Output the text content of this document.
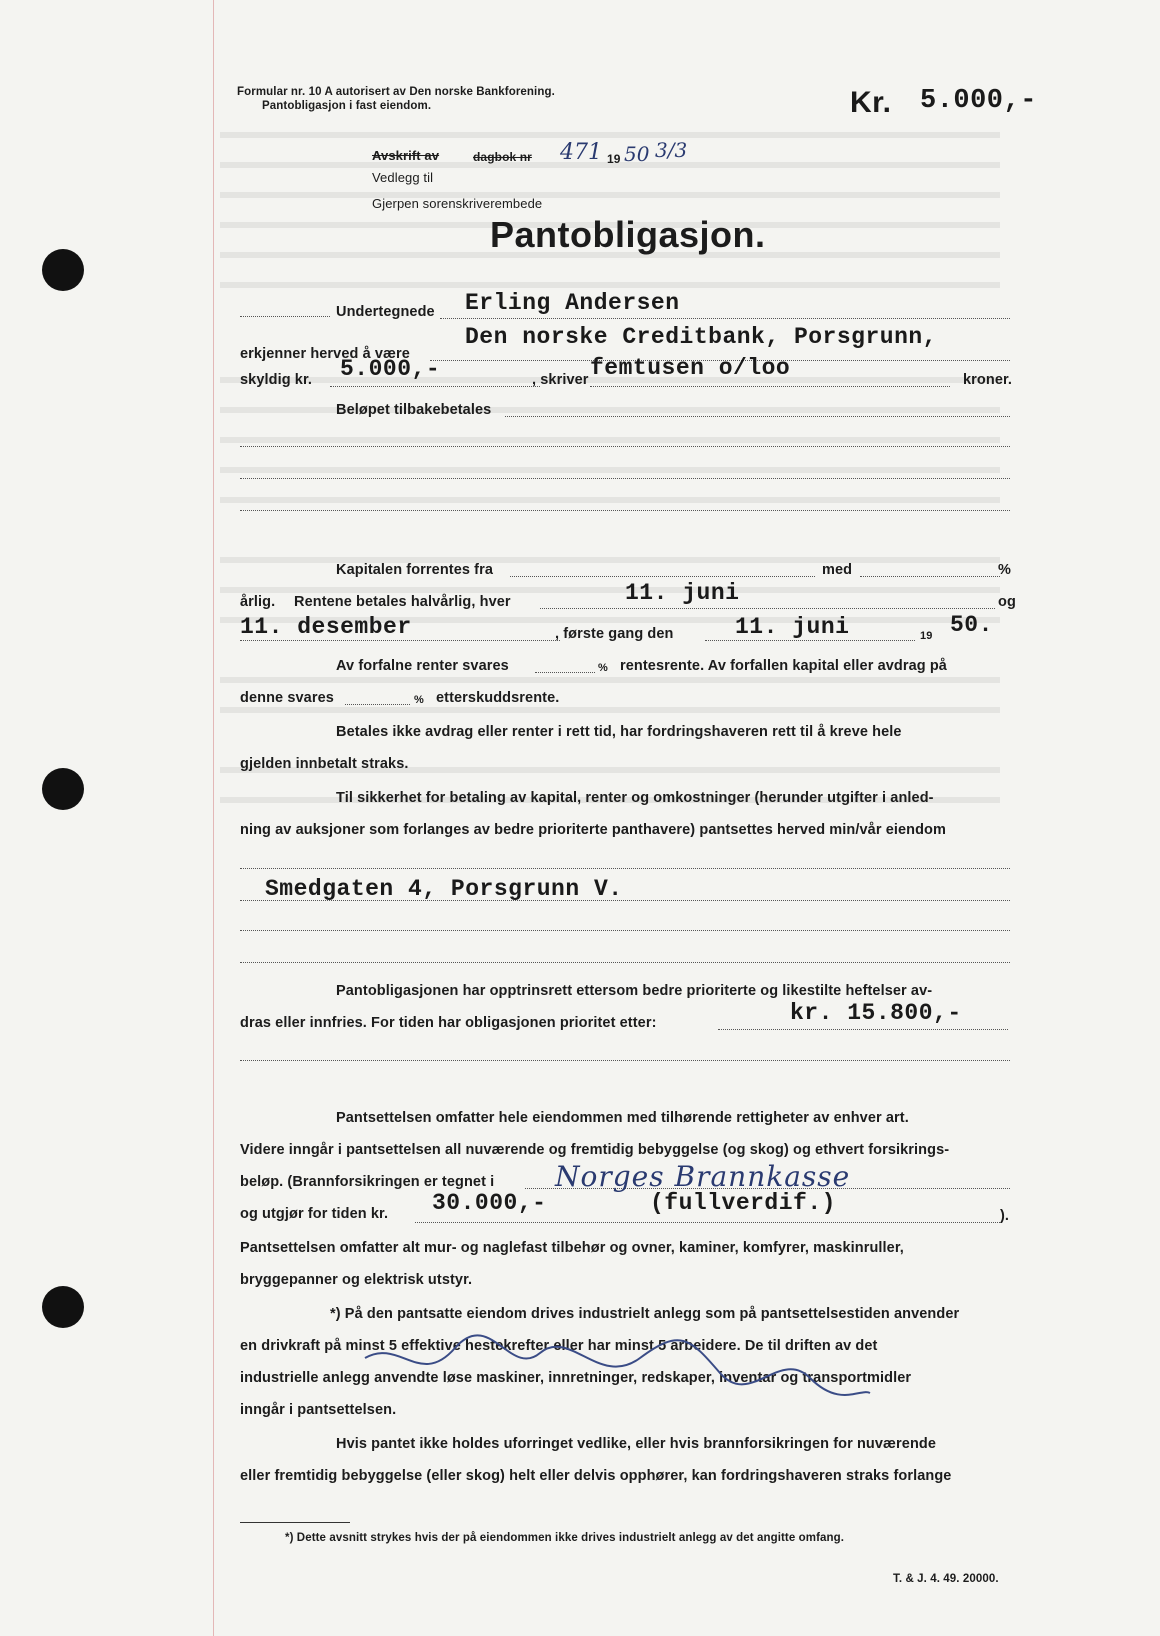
Formular nr. 10 A autorisert av Den norske Bankforening.
Pantobligasjon i fast eiendom.	Kr. 5.000,-
Avskrift av	dagbok nr 471 19 50 3/3
Vedlegg til
Gjerpen sorenskriverembede
Pantobligasjon.
Undertegnede Erling Andersen
erkjenner herved å være
Den norske Creditbank, Porsgrunn,
skyldig kr. 5.000,-	, skriver femtusen o/loo	kroner.
Beløpet tilbakebetales
Kapitalen forrentes fra	med	%
årlig. Rentene betales halvårlig, hver	11. juni	og
11. desember	, første gang den	11. juni	19 50.
Av forfalne renter svares	% rentesrente. Av forfallen kapital eller avdrag på
denne svares	% etterskuddsrente.
Betales ikke avdrag eller renter i rett tid, har fordringshaveren rett til å kreve hele
gjelden innbetalt straks.
Til sikkerhet for betaling av kapital, renter og omkostninger (herunder utgifter i anled-
ning av auksjoner som forlanges av bedre prioriterte panthavere) pantsettes herved min/vår eiendom
Smedgaten 4, Porsgrunn V.
Pantobligasjonen har opptrinsrett ettersom bedre prioriterte og likestilte heftelser av-
dras eller innfries. For tiden har obligasjonen prioritet etter:	kr. 15.800,-
Pantsettelsen omfatter hele eiendommen med tilhørende rettigheter av enhver art.
Videre inngår i pantsettelsen all nuværende og fremtidig bebyggelse (og skog) og ethvert forsikrings-
beløp. (Brannforsikringen er tegnet i Norges Brannkasse
og utgjør for tiden kr. 30.000,-	(fullverdif.)	).
Pantsettelsen omfatter alt mur- og naglefast tilbehør og ovner, kaminer, komfyrer, maskinruller,
bryggepanner og elektrisk utstyr.
*) På den pantsatte eiendom drives industrielt anlegg som på pantsettelsestiden anvender
en drivkraft på minst 5 effektive hestekrefter eller har minst 5 arbeidere. De til driften av det
industrielle anlegg anvendte løse maskiner, innretninger, redskaper, inventar og transportmidler
inngår i pantsettelsen.
Hvis pantet ikke holdes uforringet vedlike, eller hvis brannforsikringen for nuværende
eller fremtidig bebyggelse (eller skog) helt eller delvis opphører, kan fordringshaveren straks forlange
*) Dette avsnitt strykes hvis der på eiendommen ikke drives industrielt anlegg av det angitte omfang.
T. & J. 4. 49. 20000.
